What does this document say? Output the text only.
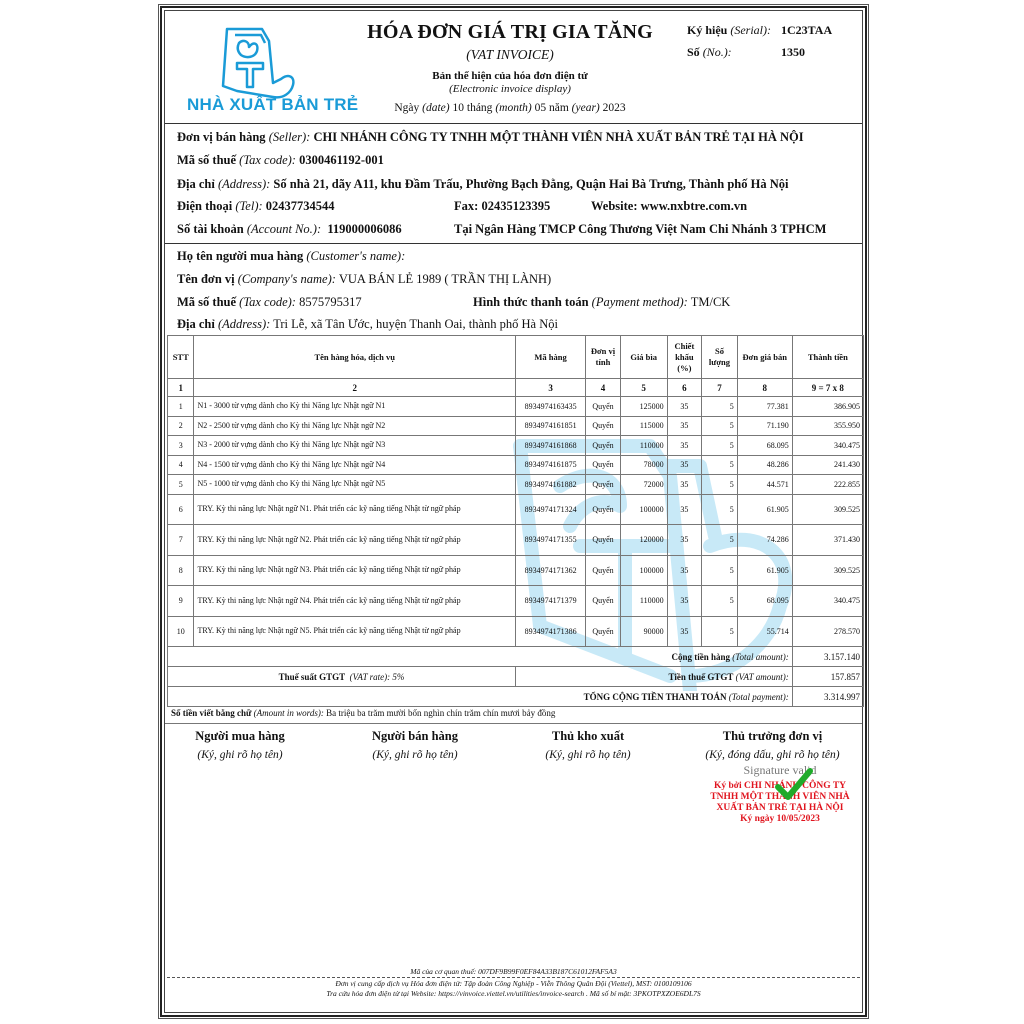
NHÀ XUẤT BẢN TRẺ
HÓA ĐƠN GIÁ TRỊ GIA TĂNG
(VAT INVOICE)
Bản thể hiện của hóa đơn điện tử
(Electronic invoice display)
Ngày (date) 10 tháng (month) 05 năm (year) 2023
Ký hiệu (Serial): 1C23TAA
Số (No.):	1350
Đơn vị bán hàng (Seller): CHI NHÁNH CÔNG TY TNHH MỘT THÀNH VIÊN NHÀ XUẤT BẢN TRẺ TẠI HÀ NỘI
Mã số thuế (Tax code): 0300461192-001
Địa chỉ (Address): Số nhà 21, dãy A11, khu Đầm Trấu, Phường Bạch Đằng, Quận Hai Bà Trưng, Thành phố Hà Nội
Điện thoại (Tel): 02437734544	Fax: 02435123395	Website: www.nxbtre.com.vn
Số tài khoản (Account No.): 119000006086	Tại Ngân Hàng TMCP Công Thương Việt Nam Chi Nhánh 3 TPHCM
Họ tên người mua hàng (Customer's name):
Tên đơn vị (Company's name): VUA BÁN LẺ 1989 ( TRẦN THỊ LÀNH)
Mã số thuế (Tax code): 8575795317	Hình thức thanh toán (Payment method): TM/CK
Địa chỉ (Address): Tri Lễ, xã Tân Ước, huyện Thanh Oai, thành phố Hà Nội
STT	Tên hàng hóa, dịch vụ	Mã hàng	Đơn vị tính	Giá bìa	Chiết khấu (%)	Số lượng	Đơn giá bán	Thành tiền
1	2	3	4	5	6	7	8	9 = 7 x 8
1	N1 - 3000 từ vựng dành cho Kỳ thi Năng lực Nhật ngữ N1	8934974163435	Quyển	125000	35	5	77.381	386.905
2	N2 - 2500 từ vựng dành cho Kỳ thi Năng lực Nhật ngữ N2	8934974161851	Quyển	115000	35	5	71.190	355.950
3	N3 - 2000 từ vựng dành cho Kỳ thi Năng lực Nhật ngữ N3	8934974161868	Quyển	110000	35	5	68.095	340.475
4	N4 - 1500 từ vựng dành cho Kỳ thi Năng lực Nhật ngữ N4	8934974161875	Quyển	78000	35	5	48.286	241.430
5	N5 - 1000 từ vựng dành cho Kỳ thi Năng lực Nhật ngữ N5	8934974161882	Quyển	72000	35	5	44.571	222.855
6	TRY. Kỳ thi năng lực Nhật ngữ N1. Phát triển các kỹ năng tiếng Nhật từ ngữ pháp	8934974171324	Quyển	100000	35	5	61.905	309.525
7	TRY. Kỳ thi năng lực Nhật ngữ N2. Phát triển các kỹ năng tiếng Nhật từ ngữ pháp	8934974171355	Quyển	120000	35	5	74.286	371.430
8	TRY. Kỳ thi năng lực Nhật ngữ N3. Phát triển các kỹ năng tiếng Nhật từ ngữ pháp	8934974171362	Quyển	100000	35	5	61.905	309.525
9	TRY. Kỳ thi năng lực Nhật ngữ N4. Phát triển các kỹ năng tiếng Nhật từ ngữ pháp	8934974171379	Quyển	110000	35	5	68.095	340.475
10	TRY. Kỳ thi năng lực Nhật ngữ N5. Phát triển các kỹ năng tiếng Nhật từ ngữ pháp	8934974171386	Quyển	90000	35	5	55.714	278.570
Cộng tiền hàng (Total amount):								3.157.140
Thuế suất GTGT (VAT rate): 5%		Tiền thuế GTGT (VAT amount):						157.857
TỔNG CỘNG TIỀN THANH TOÁN (Total payment):								3.314.997
Số tiền viết bằng chữ (Amount in words): Ba triệu ba trăm mười bốn nghìn chín trăm chín mươi bảy đồng
Người mua hàng
(Ký, ghi rõ họ tên)
Người bán hàng
(Ký, ghi rõ họ tên)
Thủ kho xuất
(Ký, ghi rõ họ tên)
Thủ trưởng đơn vị
(Ký, đóng dấu, ghi rõ họ tên)
Signature valid
Ký bởi CHI NHÁNH CÔNG TY
TNHH MỘT THÀNH VIÊN NHÀ
XUẤT BẢN TRẺ TẠI HÀ NỘI
Ký ngày 10/05/2023
Mã của cơ quan thuế: 007DF9B99F0EF84A33B187C61012FAF5A3
Đơn vị cung cấp dịch vụ Hóa đơn điện tử: Tập đoàn Công Nghiệp - Viễn Thông Quân Đội (Viettel), MST: 0100109106
Tra cứu hóa đơn điện tử tại Website: https://vinvoice.viettel.vn/utilities/invoice-search . Mã số bí mật: 3PKOTPXZOE6DL7S
